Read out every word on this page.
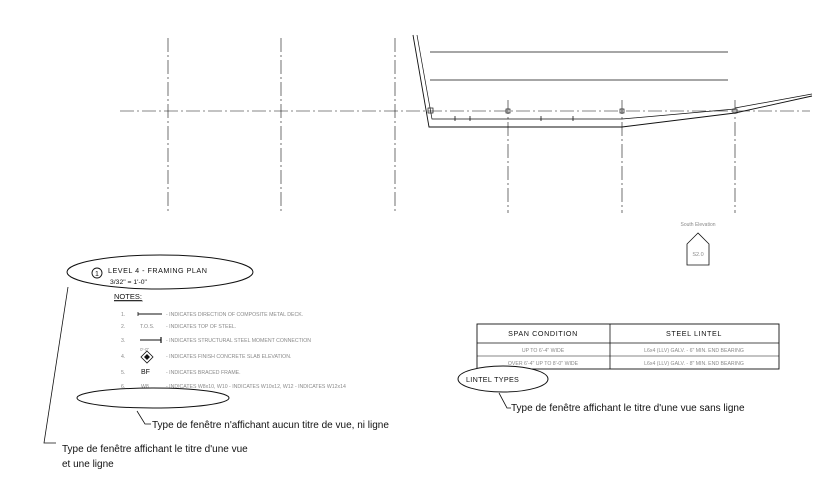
South Elevation
S2.0
1 LEVEL 4 - FRAMING PLAN
3/32" = 1'-0"
NOTES:
1.	- INDICATES DIRECTION OF COMPOSITE METAL DECK.
2.	T.O.S. - INDICATES TOP OF STEEL.
3.	- INDICATES STRUCTURAL STEEL MOMENT CONNECTION
0'-0"
4.	- INDICATES FINISH CONCRETE SLAB ELEVATION.
5. BF	- INDICATES BRACED FRAME.
6.	W8	- INDICATES W8x10, W10 - INDICATES W10x12, W12 - INDICATES W12x14
SPAN CONDITION	STEEL LINTEL
UP TO 6'-4" WIDE	L6x4 (LLV) GALV. - 6" MIN. END BEARING
OVER 6'-4" UP TO 8'-0" WIDE	L6x4 (LLV) GALV. - 8" MIN. END BEARING
LINTEL TYPES
Type de fenêtre n'affichant aucun titre de vue, ni ligne
Type de fenêtre affichant le titre d'une vue sans ligne
Type de fenêtre affichant le titre d'une vue
et une ligne
